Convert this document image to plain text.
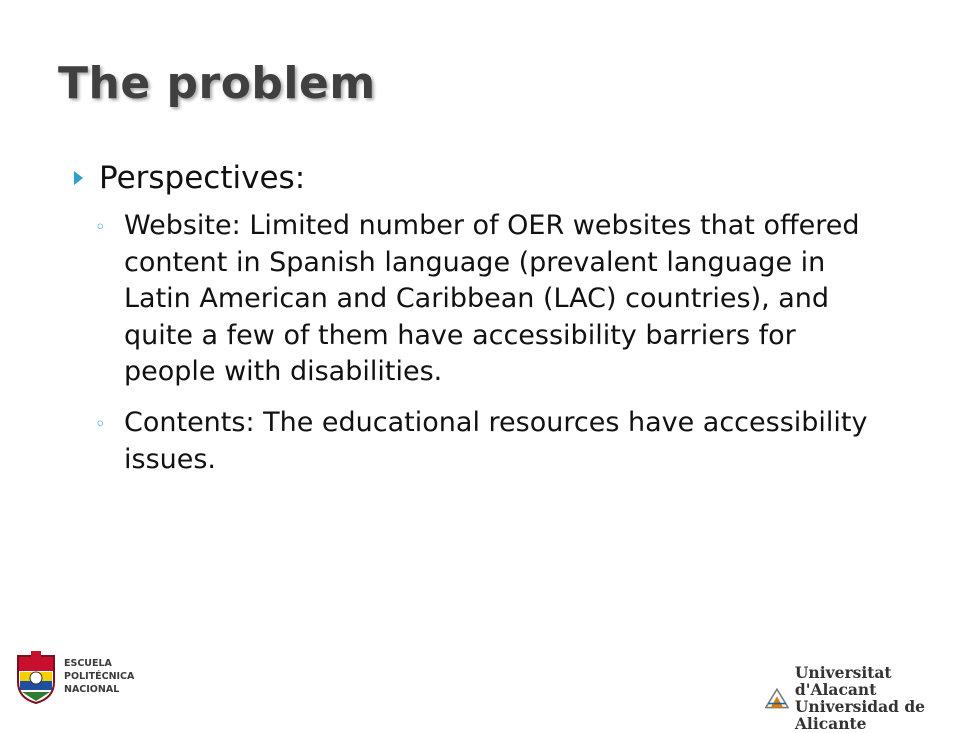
The problem
Perspectives:
◦ Website: Limited number of OER websites that offered content in Spanish language (prevalent language in Latin American and Caribbean (LAC) countries), and quite a few of them have accessibility barriers for people with disabilities.
◦ Contents: The educational resources have accessibility issues.
ESCUELA
POLITÉCNICA
NACIONAL
Universitat d'Alacant
Universidad de Alicante
